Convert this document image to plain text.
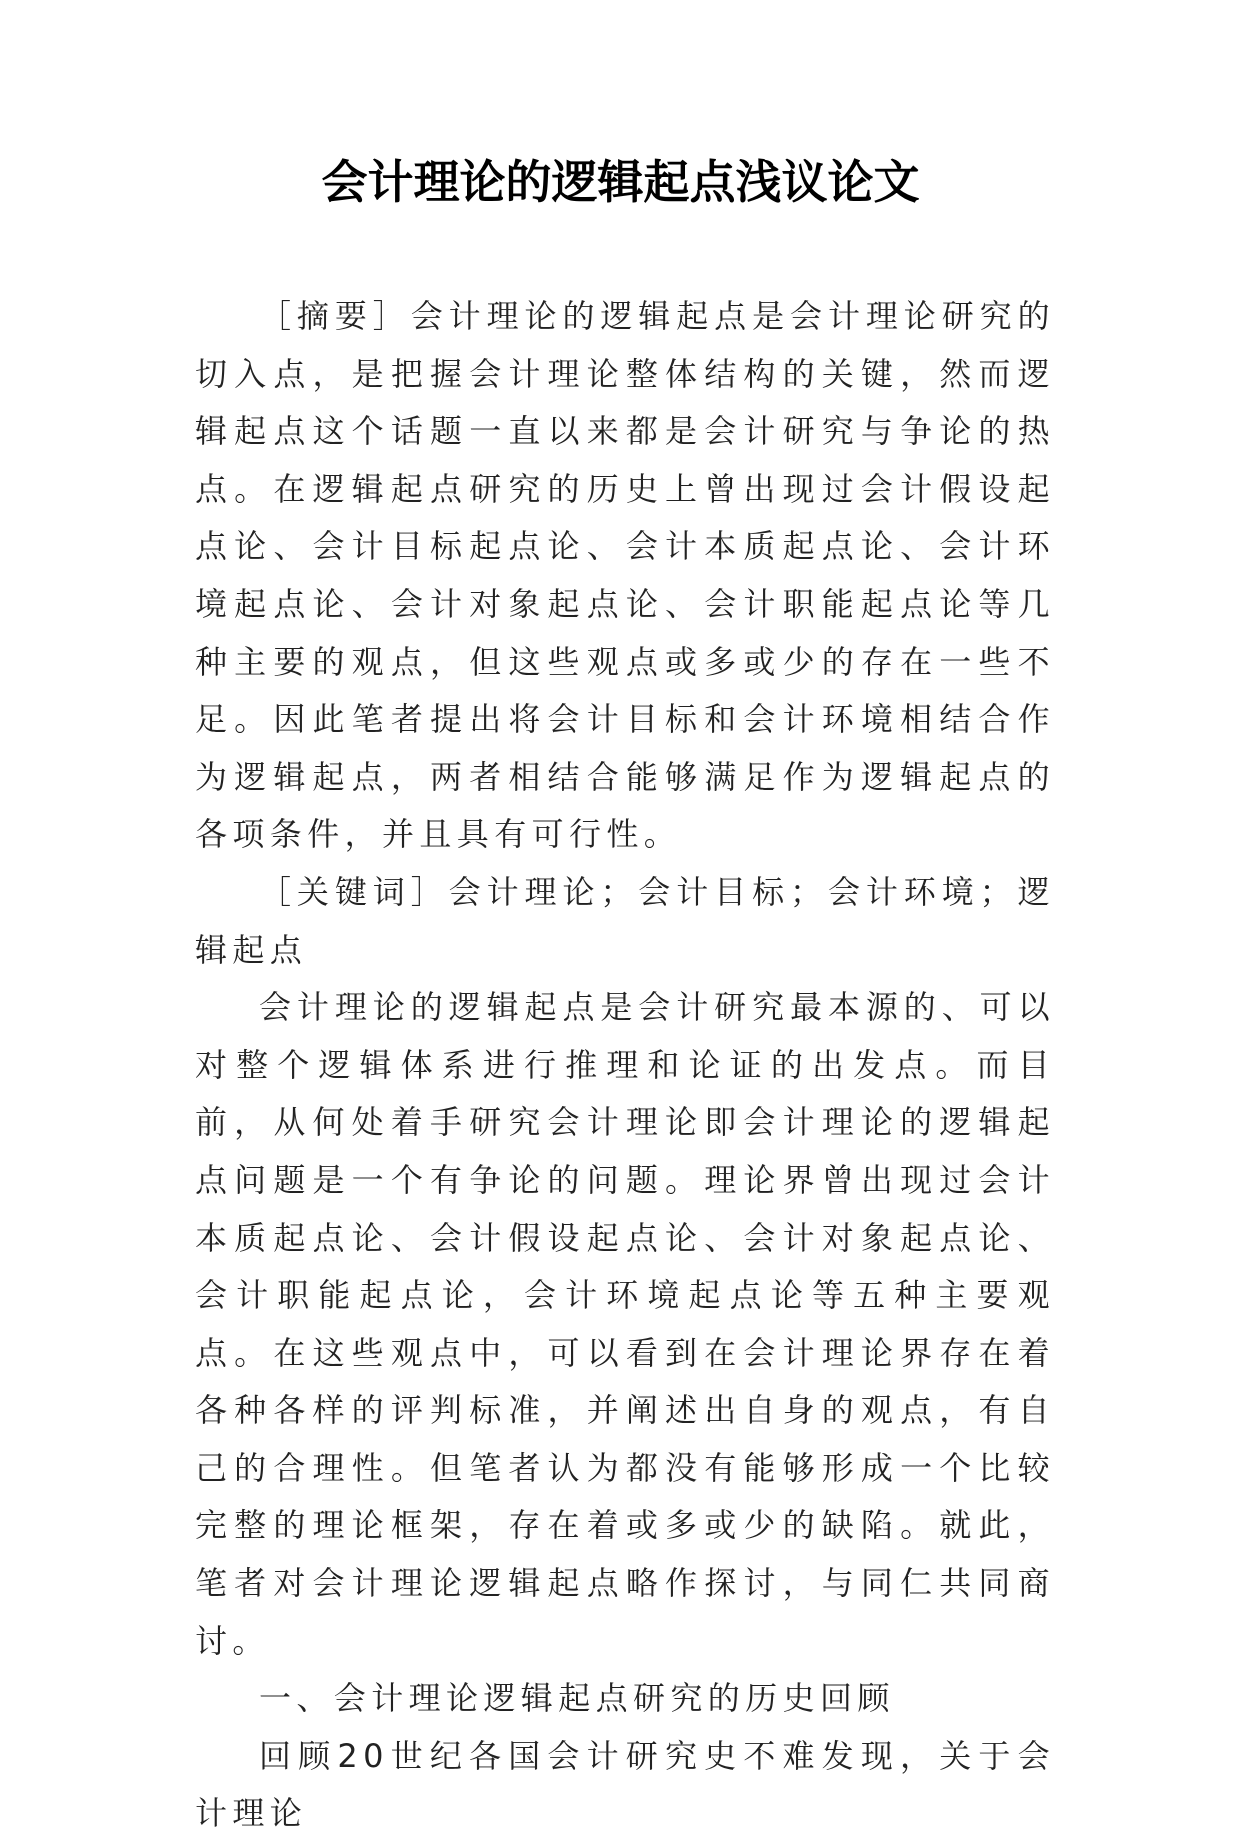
会计理论的逻辑起点浅议论文

［摘要］会计理论的逻辑起点是会计理论研究的切入点，是把握会计理论整体结构的关键，然而逻辑起点这个话题一直以来都是会计研究与争论的热点。在逻辑起点研究的历史上曾出现过会计假设起点论、会计目标起点论、会计本质起点论、会计环境起点论、会计对象起点论、会计职能起点论等几种主要的观点，但这些观点或多或少的存在一些不足。因此笔者提出将会计目标和会计环境相结合作为逻辑起点，两者相结合能够满足作为逻辑起点的各项条件，并且具有可行性。

［关键词］会计理论；会计目标；会计环境；逻辑起点

会计理论的逻辑起点是会计研究最本源的、可以对整个逻辑体系进行推理和论证的出发点。而目前，从何处着手研究会计理论即会计理论的逻辑起点问题是一个有争论的问题。理论界曾出现过会计本质起点论、会计假设起点论、会计对象起点论、会计职能起点论，会计环境起点论等五种主要观点。在这些观点中，可以看到在会计理论界存在着各种各样的评判标准，并阐述出自身的观点，有自己的合理性。但笔者认为都没有能够形成一个比较完整的理论框架，存在着或多或少的缺陷。就此，笔者对会计理论逻辑起点略作探讨，与同仁共同商讨。

一、会计理论逻辑起点研究的历史回顾

回顾20世纪各国会计研究史不难发现，关于会计理论
